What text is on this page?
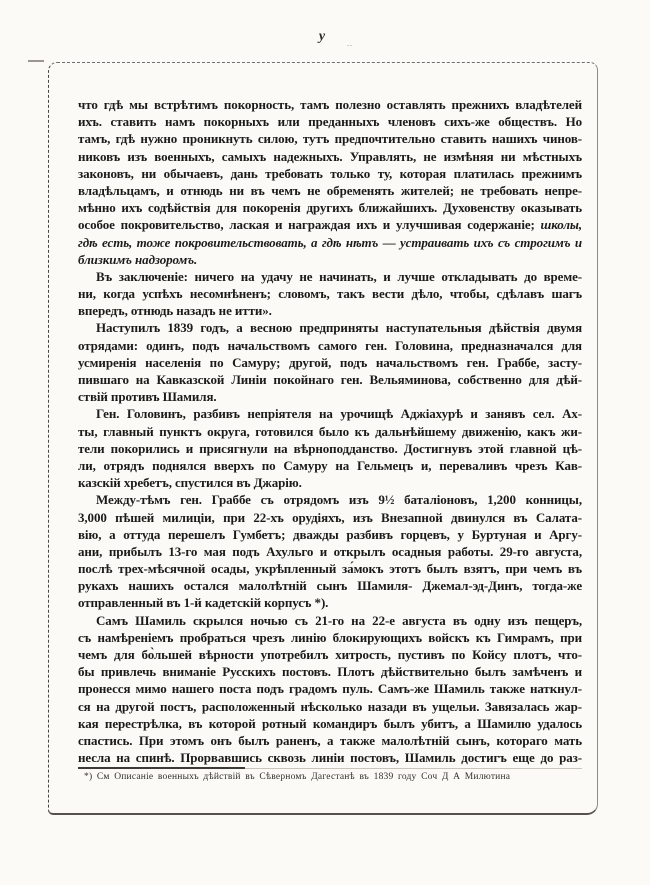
у	..
что гдѣ мы встрѣтимъ покорность, тамъ полезно оставлять прежнихъ владѣтелей
ихъ. ставить намъ покорныхъ или преданныхъ членовъ сихъ-же обществъ. Но
тамъ, гдѣ нужно проникнуть силою, тутъ предпочтительно ставить нашихъ чинов-
никовъ изъ военныхъ, самыхъ надежныхъ. Управлять, не измѣняя ни мѣстныхъ
законовъ, ни обычаевъ, дань требовать только ту, которая платилась прежнимъ
владѣльцамъ, и отнюдь ни въ чемъ не обременять жителей; не требовать непре-
мѣнно ихъ содѣйствія для покоренія другихъ ближайшихъ. Духовенству оказывать
особое покровительство, лаская и награждая ихъ и улучшивая содержаніе; школы,
гдѣ есть, тоже покровительствовать, а гдѣ нѣтъ — устраивать ихъ съ строгимъ и
близкимъ надзоромъ.
Въ заключеніе: ничего на удачу не начинать, и лучше откладывать до време-
ни, когда успѣхъ несомнѣненъ; словомъ, такъ вести дѣло, чтобы, сдѣлавъ шагъ
впередъ, отнюдь назадъ не итти».
Наступилъ 1839 годъ, а весною предприняты наступательныя дѣйствія двумя
отрядами: одинъ, подъ начальствомъ самого ген. Головина, предназначался для
усмиренія населенія по Самуру; другой, подъ начальствомъ ген. Граббе, засту-
пившаго на Кавказской Линіи покойнаго ген. Вельяминова, собственно для дѣй-
ствій противъ Шамиля.
Ген. Головинъ, разбивъ непріятеля на урочищѣ Аджіахурѣ и занявъ сел. Ах-
ты, главный пунктъ округа, готовился было къ дальнѣйшему движенію, какъ жи-
тели покорились и присягнули на вѣрноподданство. Достигнувъ этой главной цѣ-
ли, отрядъ поднялся вверхъ по Самуру на Гельмецъ и, переваливъ чрезъ Кав-
казскій хребетъ, спустился въ Джарію.
Между-тѣмъ ген. Граббе съ отрядомъ изъ 9½ баталіоновъ, 1,200 конницы,
3,000 пѣшей милиціи, при 22-хъ орудіяхъ, изъ Внезапной двинулся въ Салата-
вію, а оттуда перешелъ Гумбетъ; дважды разбивъ горцевъ, у Буртуная и Аргу-
ани, прибылъ 13-го мая подъ Ахульго и открылъ осадныя работы. 29-го августа,
послѣ трех-мѣсячной осады, укрѣпленный за́мокъ этотъ былъ взятъ, при чемъ въ
рукахъ нашихъ остался малолѣтній сынъ Шамиля- Джемал-эд-Динъ, тогда-же
отправленный въ 1-й кадетскій корпусъ *).
Самъ Шамиль скрылся ночью съ 21-го на 22-е августа въ одну изъ пещеръ,
съ намѣреніемъ пробраться чрезъ линію блокирующихъ войскъ къ Гимрамъ, при
чемъ для бо̀льшей вѣрности употребилъ хитрость, пустивъ по Койсу плотъ, что-
бы привлечь вниманіе Русскихъ постовъ. Плотъ дѣйствительно былъ замѣченъ и
пронесся мимо нашего поста подъ градомъ пуль. Самъ-же Шамиль также наткнул-
ся на другой постъ, расположенный нѣсколько назади въ ущельи. Завязалась жар-
кая перестрѣлка, въ которой ротный командиръ былъ убитъ, а Шамилю удалось
спастись. При этомъ онъ былъ раненъ, а также малолѣтній сынъ, котораго мать
несла на спинѣ. Прорвавшись сквозь линіи постовъ, Шамиль достигъ еще до раз-
*) См Описаніе военныхъ дѣйствій въ Сѣверномъ Дагестанѣ въ 1839 году Соч Д А Милютина
